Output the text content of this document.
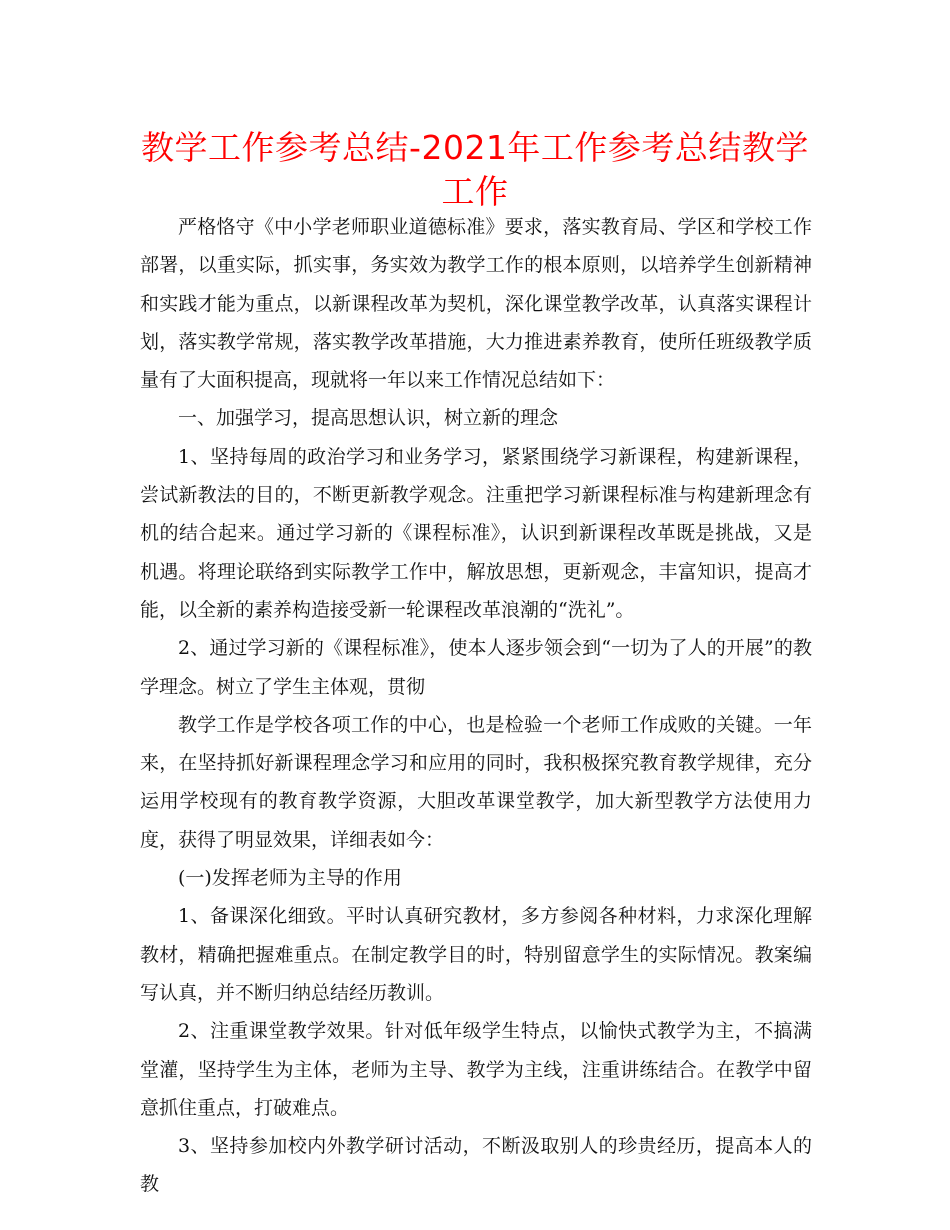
教学工作参考总结-2021年工作参考总结教学工作

严格恪守《中小学老师职业道德标准》要求，落实教育局、学区和学校工作部署，以重实际，抓实事，务实效为教学工作的根本原则，以培养学生创新精神和实践才能为重点，以新课程改革为契机，深化课堂教学改革，认真落实课程计划，落实教学常规，落实教学改革措施，大力推进素养教育，使所任班级教学质量有了大面积提高，现就将一年以来工作情况总结如下：

一、加强学习，提高思想认识，树立新的理念

1、坚持每周的政治学习和业务学习，紧紧围绕学习新课程，构建新课程，尝试新教法的目的，不断更新教学观念。注重把学习新课程标准与构建新理念有机的结合起来。通过学习新的《课程标准》，认识到新课程改革既是挑战，又是机遇。将理论联络到实际教学工作中，解放思想，更新观念，丰富知识，提高才能，以全新的素养构造接受新一轮课程改革浪潮的“洗礼”。

2、通过学习新的《课程标准》，使本人逐步领会到“一切为了人的开展”的教学理念。树立了学生主体观，贯彻

教学工作是学校各项工作的中心，也是检验一个老师工作成败的关键。一年来，在坚持抓好新课程理念学习和应用的同时，我积极探究教育教学规律，充分运用学校现有的教育教学资源，大胆改革课堂教学，加大新型教学方法使用力度，获得了明显效果，详细表如今：

(一)发挥老师为主导的作用

1、备课深化细致。平时认真研究教材，多方参阅各种材料，力求深化理解教材，精确把握难重点。在制定教学目的时，特别留意学生的实际情况。教案编写认真，并不断归纳总结经历教训。

2、注重课堂教学效果。针对低年级学生特点，以愉快式教学为主，不搞满堂灌，坚持学生为主体，老师为主导、教学为主线，注重讲练结合。在教学中留意抓住重点，打破难点。

3、坚持参加校内外教学研讨活动，不断汲取别人的珍贵经历，提高本人的教
